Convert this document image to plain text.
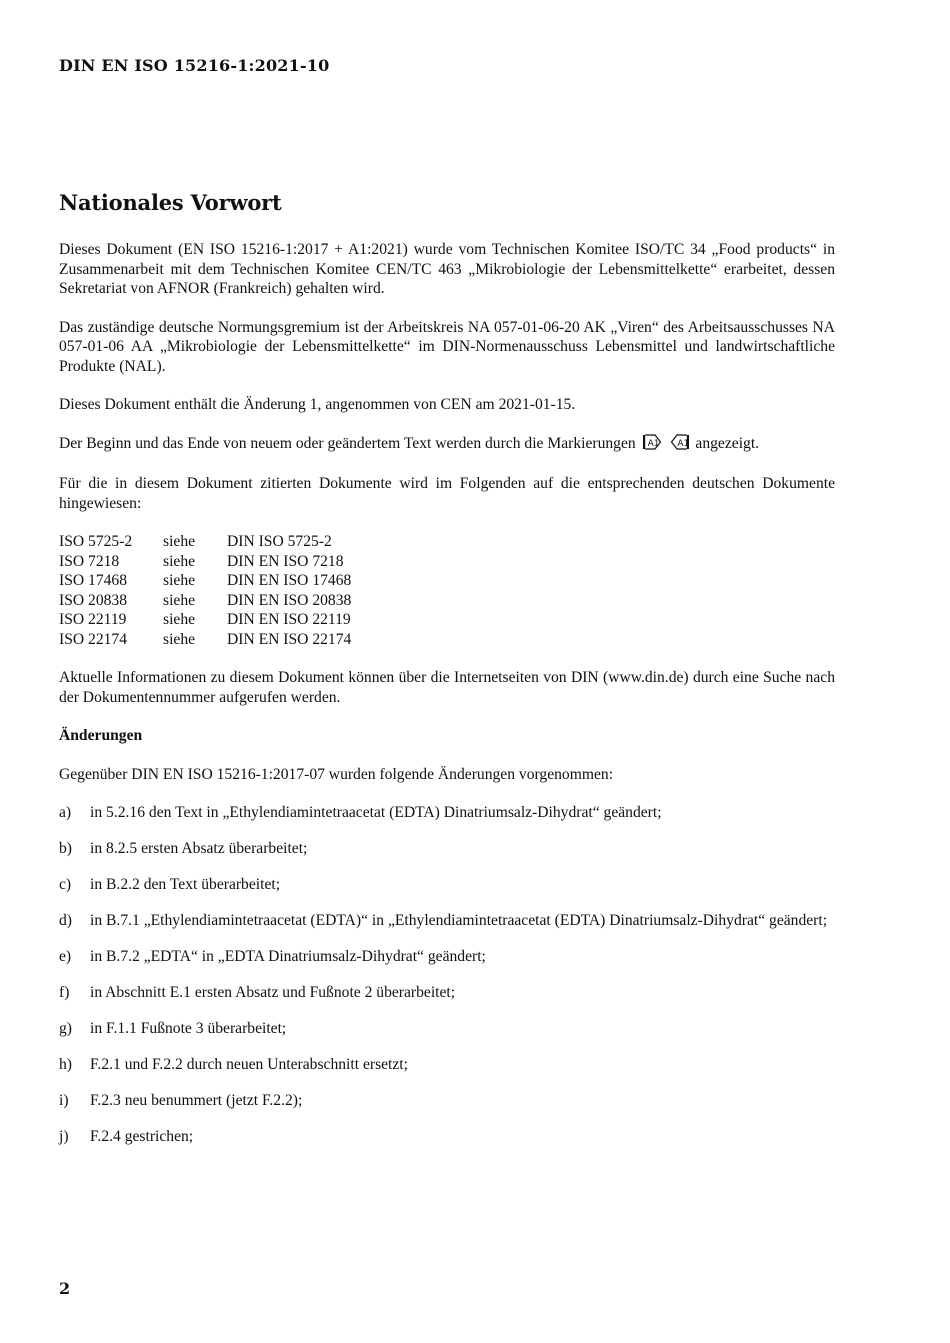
DIN EN ISO 15216-1:2021-10
Nationales Vorwort

Dieses Dokument (EN ISO 15216-1:2017 + A1:2021) wurde vom Technischen Komitee ISO/TC 34 „Food products“ in Zusammenarbeit mit dem Technischen Komitee CEN/TC 463 „Mikrobiologie der Lebensmittelkette“ erarbeitet, dessen Sekretariat von AFNOR (Frankreich) gehalten wird.

Das zuständige deutsche Normungsgremium ist der Arbeitskreis NA 057-01-06-20 AK „Viren“ des Arbeitsausschusses NA 057-01-06 AA „Mikrobiologie der Lebensmittelkette“ im DIN-Normenausschuss Lebensmittel und landwirtschaftliche Produkte (NAL).

Dieses Dokument enthält die Änderung 1, angenommen von CEN am 2021-01-15.

Der Beginn und das Ende von neuem oder geändertem Text werden durch die Markierungen A1
A1 angezeigt.

Für die in diesem Dokument zitierten Dokumente wird im Folgenden auf die entsprechenden deutschen Dokumente hingewiesen:

ISO 5725-2	siehe	DIN ISO 5725-2
ISO 7218	siehe	DIN EN ISO 7218
ISO 17468	siehe	DIN EN ISO 17468
ISO 20838	siehe	DIN EN ISO 20838
ISO 22119	siehe	DIN EN ISO 22119
ISO 22174	siehe	DIN EN ISO 22174

Aktuelle Informationen zu diesem Dokument können über die Internetseiten von DIN (www.din.de) durch eine Suche nach der Dokumentennummer aufgerufen werden.

Änderungen

Gegenüber DIN EN ISO 15216-1:2017-07 wurden folgende Änderungen vorgenommen:

a)	in 5.2.16 den Text in „Ethylendiamintetraacetat (EDTA) Dinatriumsalz-Dihydrat“ geändert;
b)	in 8.2.5 ersten Absatz überarbeitet;
c)	in B.2.2 den Text überarbeitet;
d)	in B.7.1 „Ethylendiamintetraacetat (EDTA)“ in „Ethylendiamintetraacetat (EDTA) Dinatriumsalz-Dihydrat“ geändert;
e)	in B.7.2 „EDTA“ in „EDTA Dinatriumsalz-Dihydrat“ geändert;
f)	in Abschnitt E.1 ersten Absatz und Fußnote 2 überarbeitet;
g)	in F.1.1 Fußnote 3 überarbeitet;
h)	F.2.1 und F.2.2 durch neuen Unterabschnitt ersetzt;
i)	F.2.3 neu benummert (jetzt F.2.2);
j)	F.2.4 gestrichen;
2
